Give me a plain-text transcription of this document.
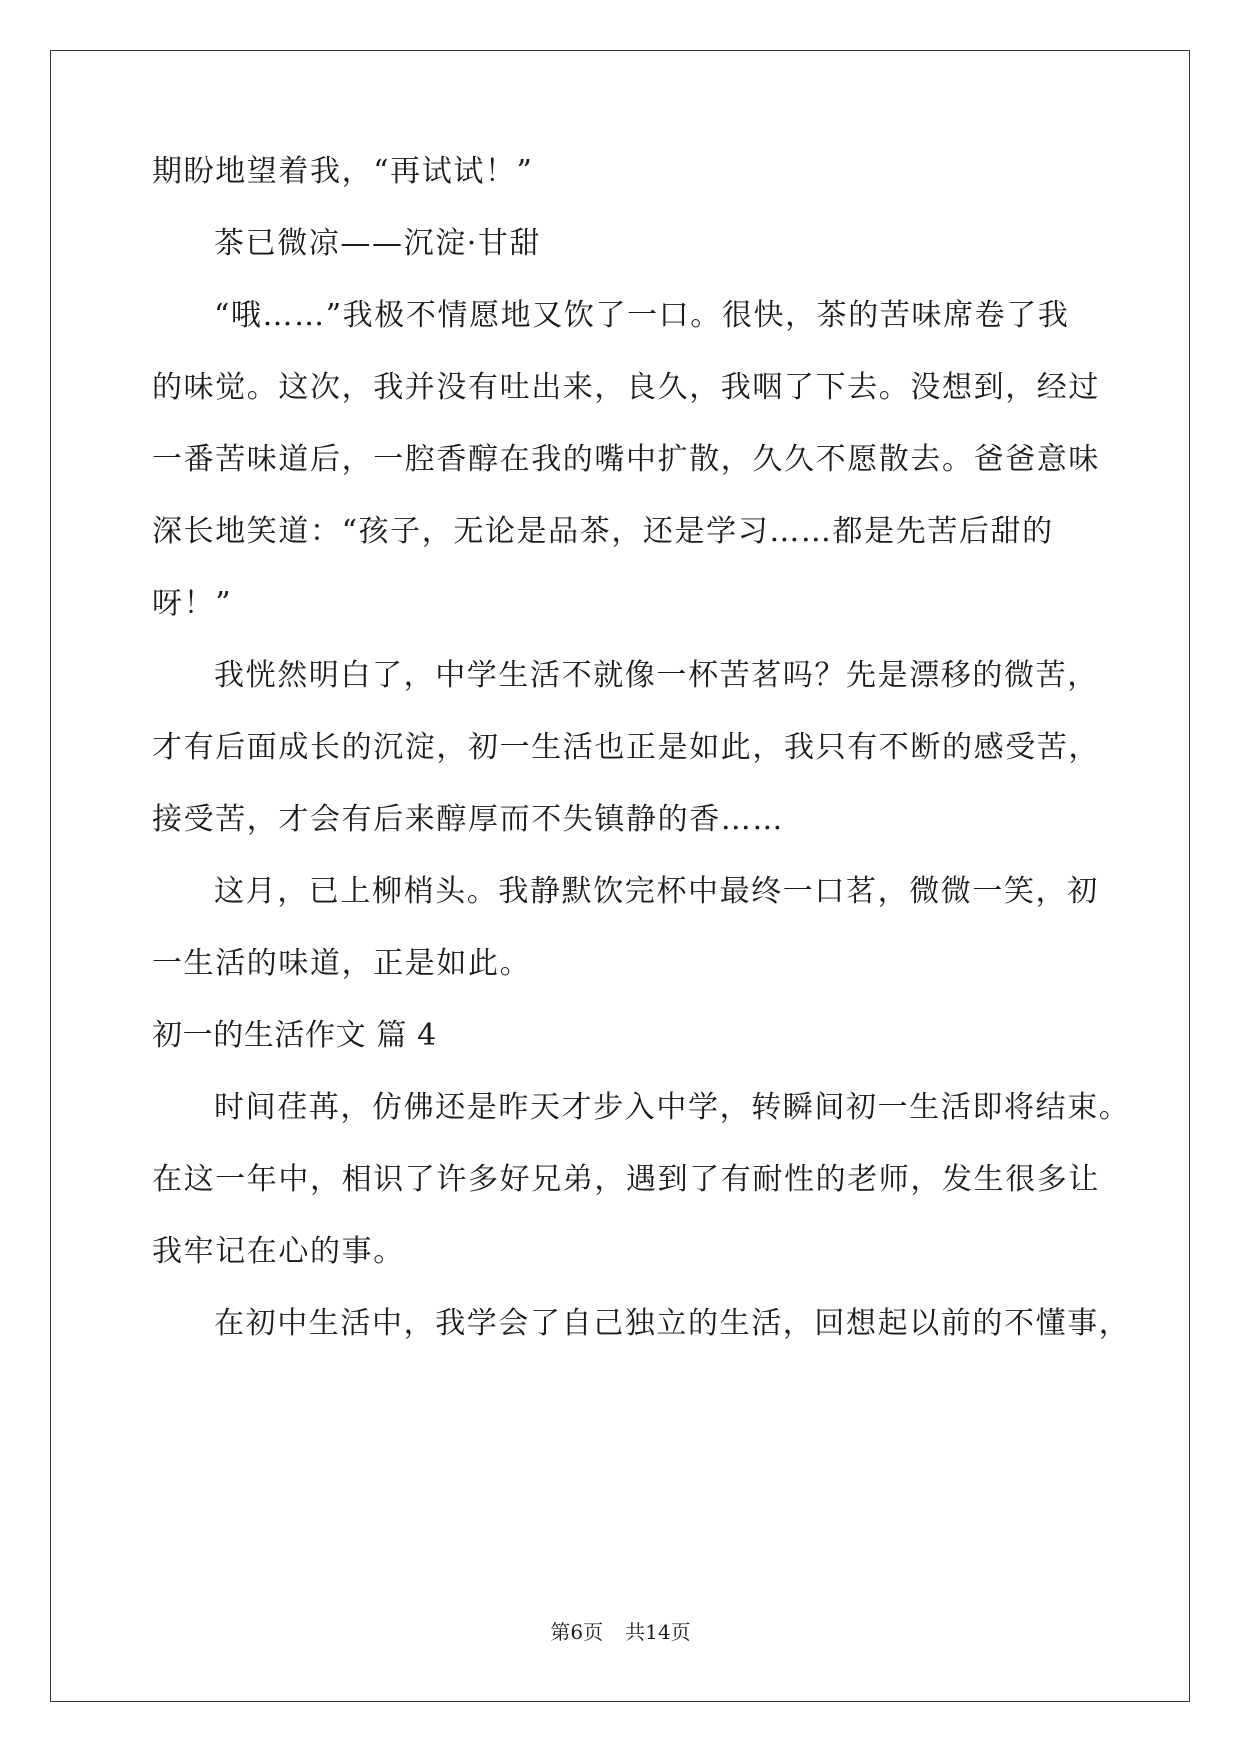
期盼地望着我，“再试试！”
茶已微凉——沉淀·甘甜
“哦……”我极不情愿地又饮了一口。很快，茶的苦味席卷了我
的味觉。这次，我并没有吐出来，良久，我咽了下去。没想到，经过
一番苦味道后，一腔香醇在我的嘴中扩散，久久不愿散去。爸爸意味
深长地笑道：“孩子，无论是品茶，还是学习……都是先苦后甜的
呀！”
我恍然明白了，中学生活不就像一杯苦茗吗？先是漂移的微苦，
才有后面成长的沉淀，初一生活也正是如此，我只有不断的感受苦，
接受苦，才会有后来醇厚而不失镇静的香……
这月，已上柳梢头。我静默饮完杯中最终一口茗，微微一笑，初
一生活的味道，正是如此。
初一的生活作文 篇 4
时间荏苒，仿佛还是昨天才步入中学，转瞬间初一生活即将结束。
在这一年中，相识了许多好兄弟，遇到了有耐性的老师，发生很多让
我牢记在心的事。
在初中生活中，我学会了自己独立的生活，回想起以前的不懂事，
第6页 共14页
